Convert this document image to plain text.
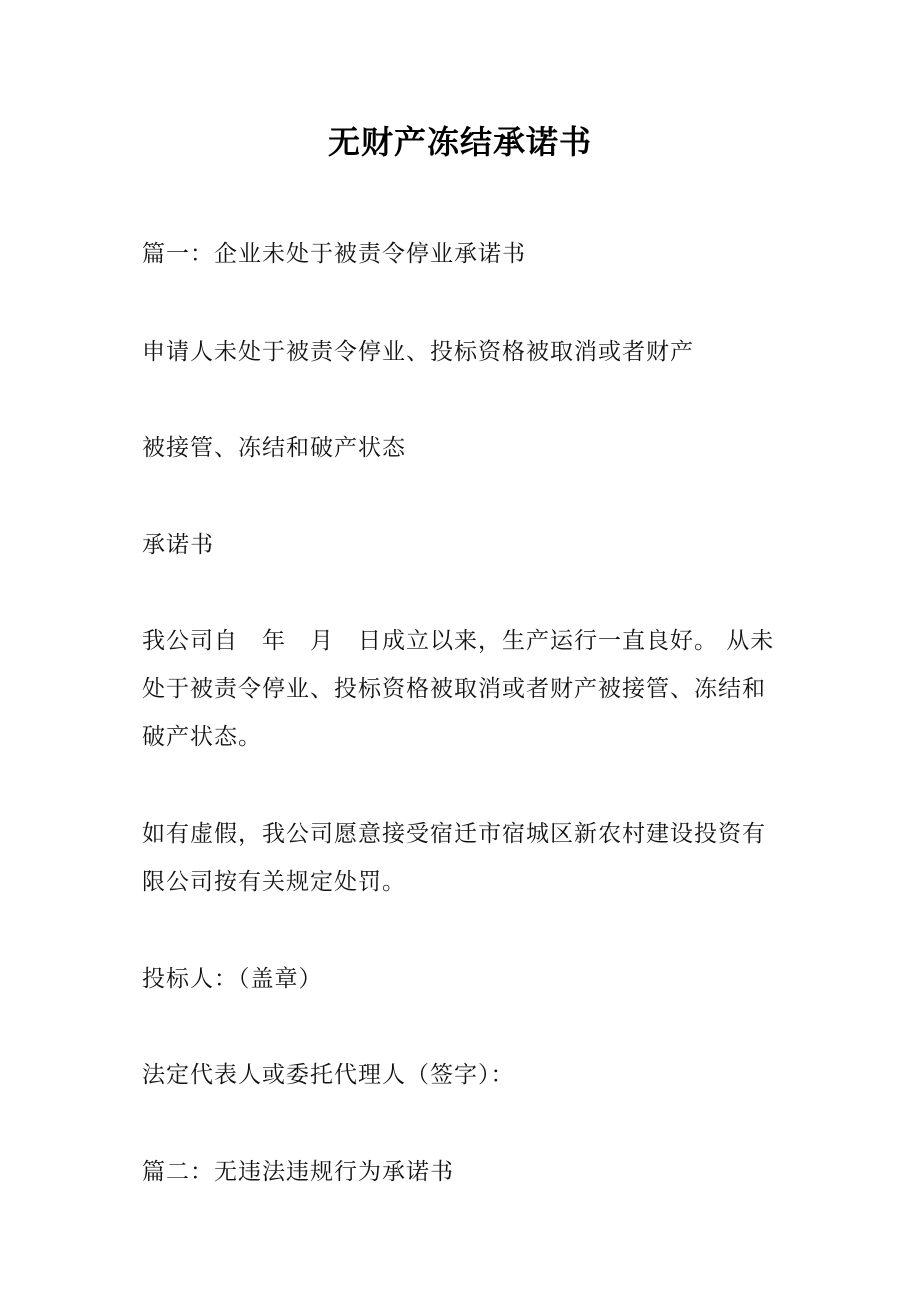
无财产冻结承诺书
篇一：企业未处于被责令停业承诺书
申请人未处于被责令停业、投标资格被取消或者财产
被接管、冻结和破产状态
承诺书
我公司自　年　月　日成立以来，生产运行一直良好。 从未
处于被责令停业、投标资格被取消或者财产被接管、冻结和
破产状态。
如有虚假，我公司愿意接受宿迁市宿城区新农村建设投资有
限公司按有关规定处罚。
投标人：（盖章）
法定代表人或委托代理人（签字）：
篇二：无违法违规行为承诺书
